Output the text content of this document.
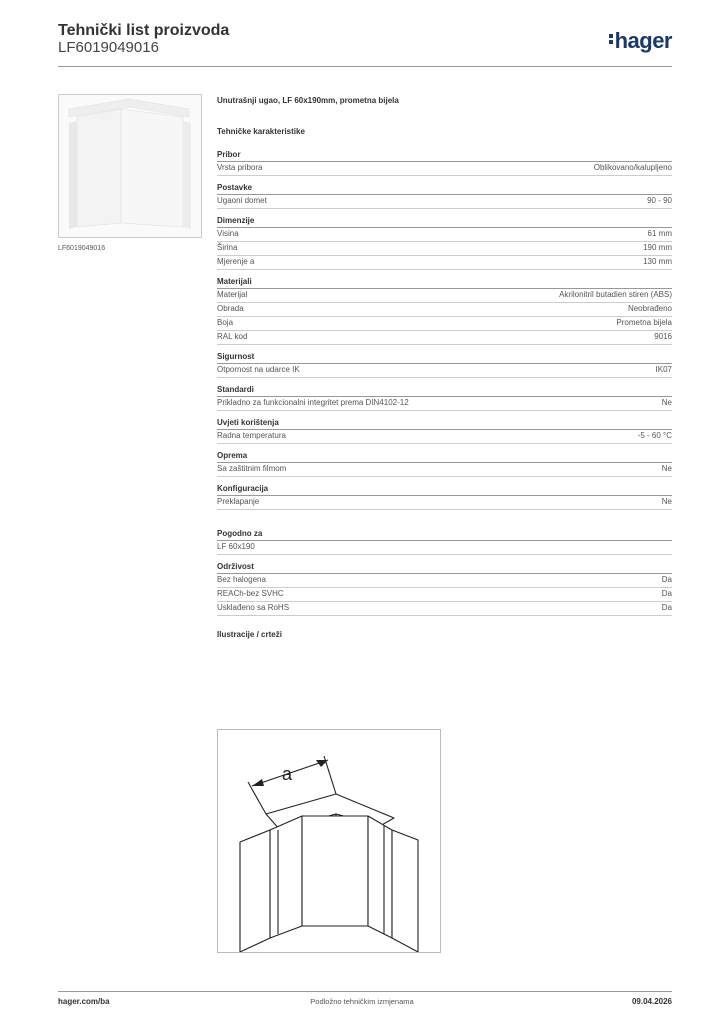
Tehnički list proizvoda
LF6019049016	hager
LF6019049016
Unutrašnji ugao, LF 60x190mm, prometna bijela
Tehničke karakteristike
Pribor
Vrsta pribora	Oblikovano/kalupljeno
Postavke
Ugaoni domet	90 - 90
Dimenzije
Visina	61 mm
Širina	190 mm
Mjerenje a	130 mm
Materijali
Materijal	Akrilonitril butadien stiren (ABS)
Obrada	Neobrađeno
Boja	Prometna bijela
RAL kod	9016
Sigurnost
Otpornost na udarce IK	IK07
Standardi
Prikladno za funkcionalni integritet prema DIN4102-12	Ne
Uvjeti korištenja
Radna temperatura	-5 - 60 °C
Oprema
Sa zaštitnim filmom	Ne
Konfiguracija
Preklapanje	Ne
Pogodno za
LF 60x190
Održivost
Bez halogena	Da
REACh-bez SVHC	Da
Usklađeno sa RoHS	Da
Ilustracije / crteži
a
hager.com/ba	Podložno tehničkim izmjenama	09.04.2026
